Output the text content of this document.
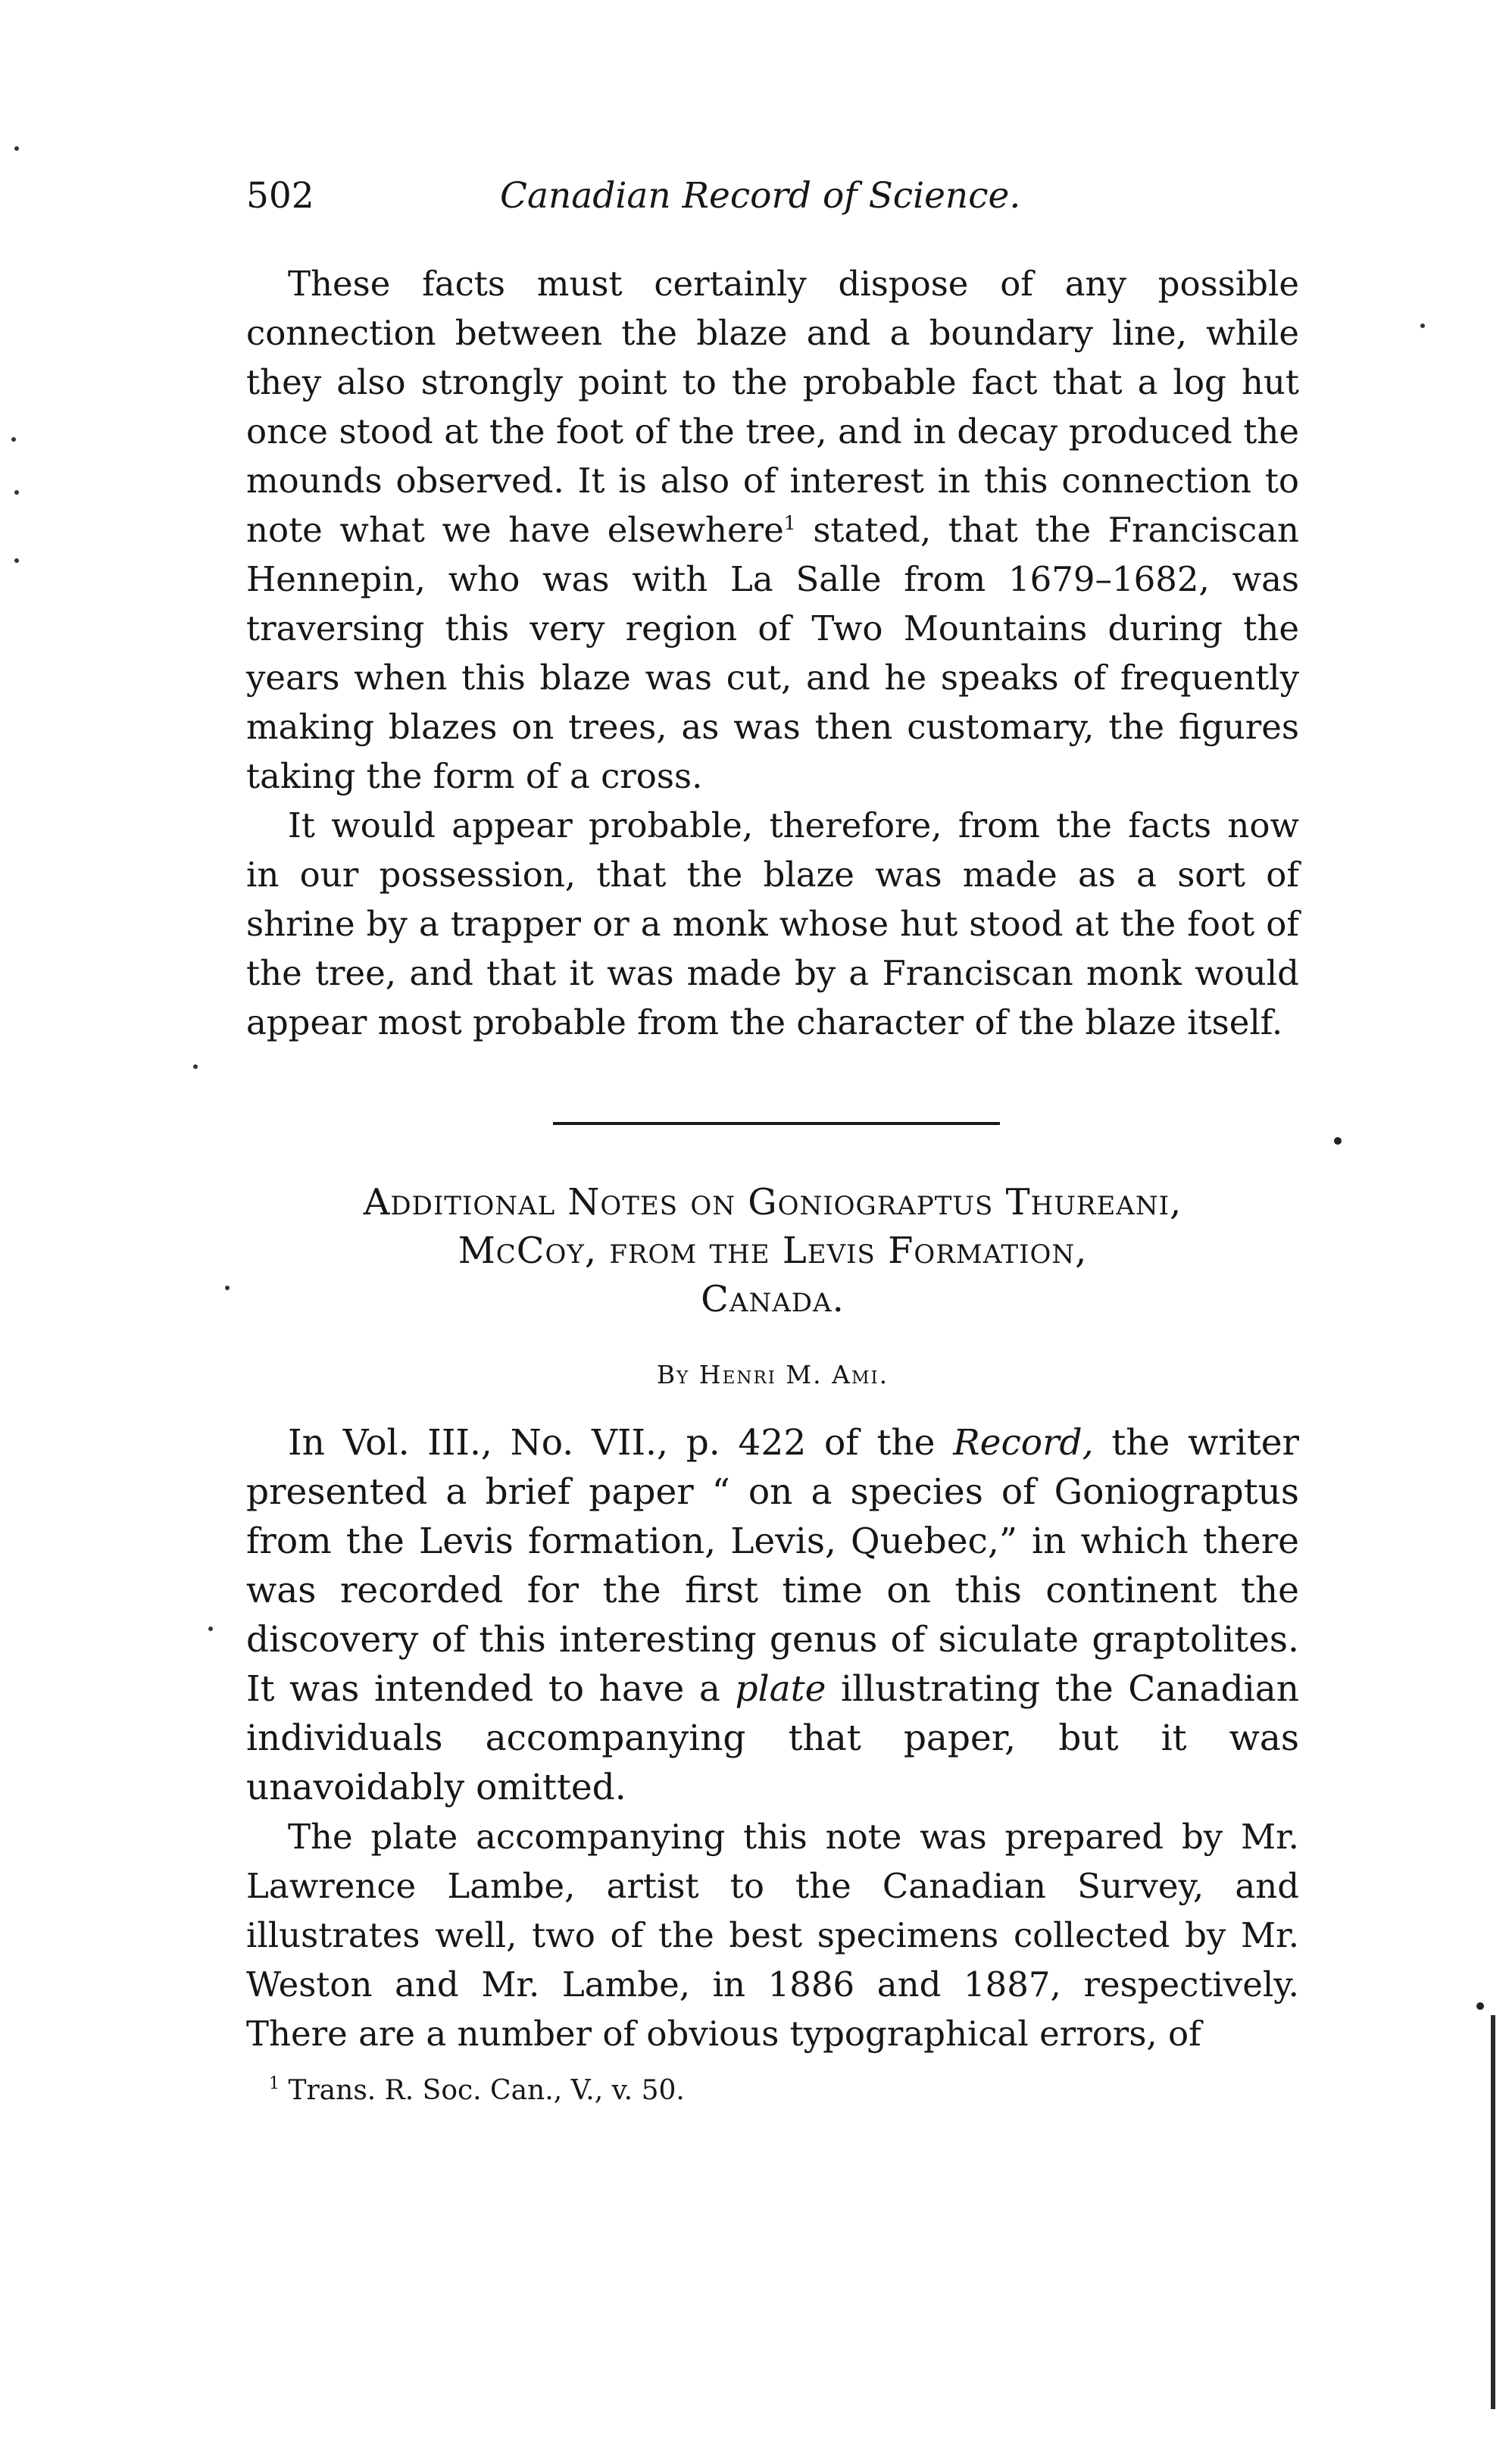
502	Canadian Record of Science.

These facts must certainly dispose of any possible connection between the blaze and a boundary line, while they also strongly point to the probable fact that a log hut once stood at the foot of the tree, and in decay produced the mounds observed. It is also of interest in this connection to note what we have elsewhere$^1$ stated, that the Franciscan Hennepin, who was with La Salle from 1679–1682, was traversing this very region of Two Mountains during the years when this blaze was cut, and he speaks of frequently making blazes on trees, as was then customary, the figures taking the form of a cross.

It would appear probable, therefore, from the facts now in our possession, that the blaze was made as a sort of shrine by a trapper or a monk whose hut stood at the foot of the tree, and that it was made by a Franciscan monk would appear most probable from the character of the blaze itself.

Additional Notes on Goniograptus Thureani,
McCoy, from the Levis Formation,
Canada.
By Henri M. Ami.

In Vol. III., No. VII., p. 422 of the Record, the writer presented a brief paper “ on a species of Goniograptus from the Levis formation, Levis, Quebec,” in which there was recorded for the first time on this continent the discovery of this interesting genus of siculate graptolites. It was intended to have a plate illustrating the Canadian individuals accompanying that paper, but it was unavoidably omitted.

The plate accompanying this note was prepared by Mr. Lawrence Lambe, artist to the Canadian Survey, and illustrates well, two of the best specimens collected by Mr. Weston and Mr. Lambe, in 1886 and 1887, respectively. There are a number of obvious typographical errors, of

$^1$ Trans. R. Soc. Can., V., v. 50.
